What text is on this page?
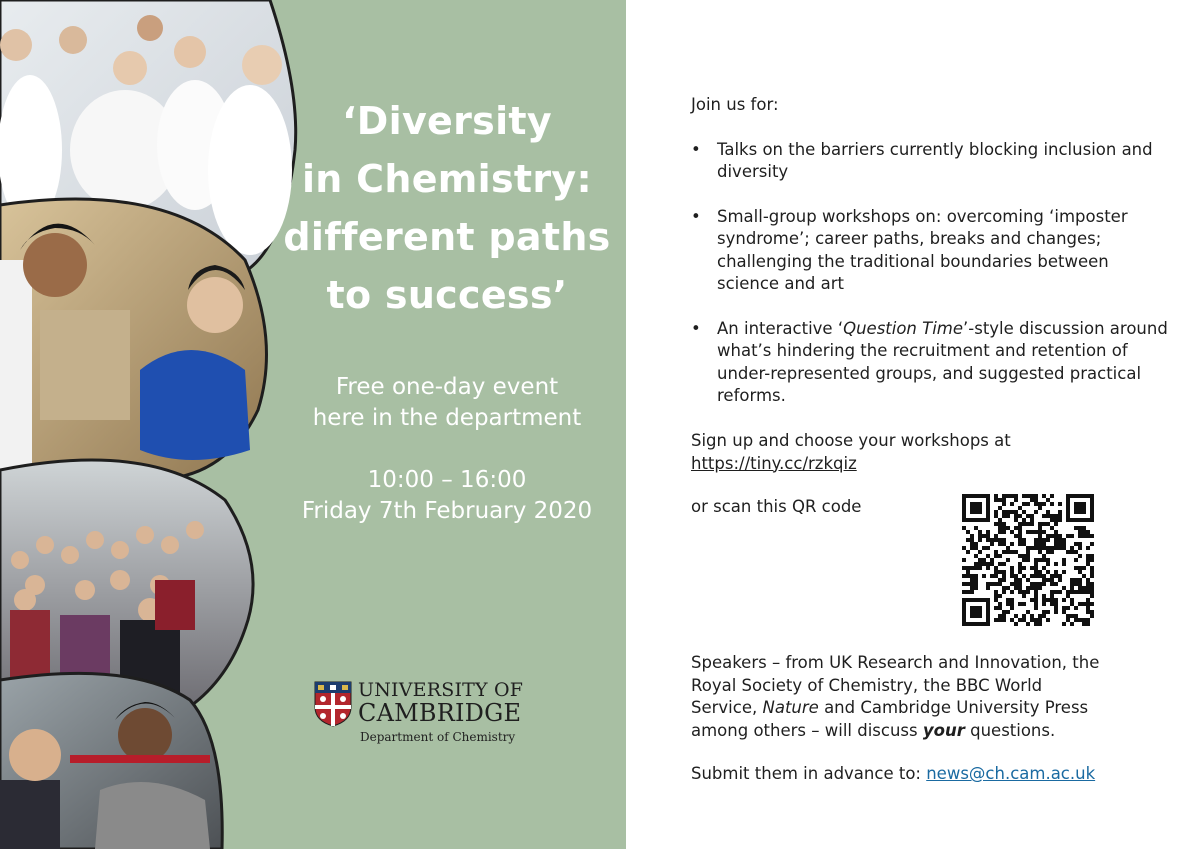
‘Diversity
in Chemistry:
different paths
to success’
Free one-day event
here in the department
10:00 – 16:00
Friday 7th February 2020
UNIVERSITY OF
CAMBRIDGE
Department of Chemistry

Join us for:

• Talks on the barriers currently blocking inclusion and diversity
• Small-group workshops on: overcoming ‘imposter syndrome’; career paths, breaks and changes; challenging the traditional boundaries between science and art
• An interactive ‘Question Time’-style discussion around what’s hindering the recruitment and retention of under-represented groups, and suggested practical reforms.
Sign up and choose your workshops at
https://tiny.cc/rzkqiz
or scan this QR code
Speakers – from UK Research and Innovation, the Royal Society of Chemistry, the BBC World Service, Nature and Cambridge University Press among others – will discuss your questions.
Submit them in advance to: news@ch.cam.ac.uk
